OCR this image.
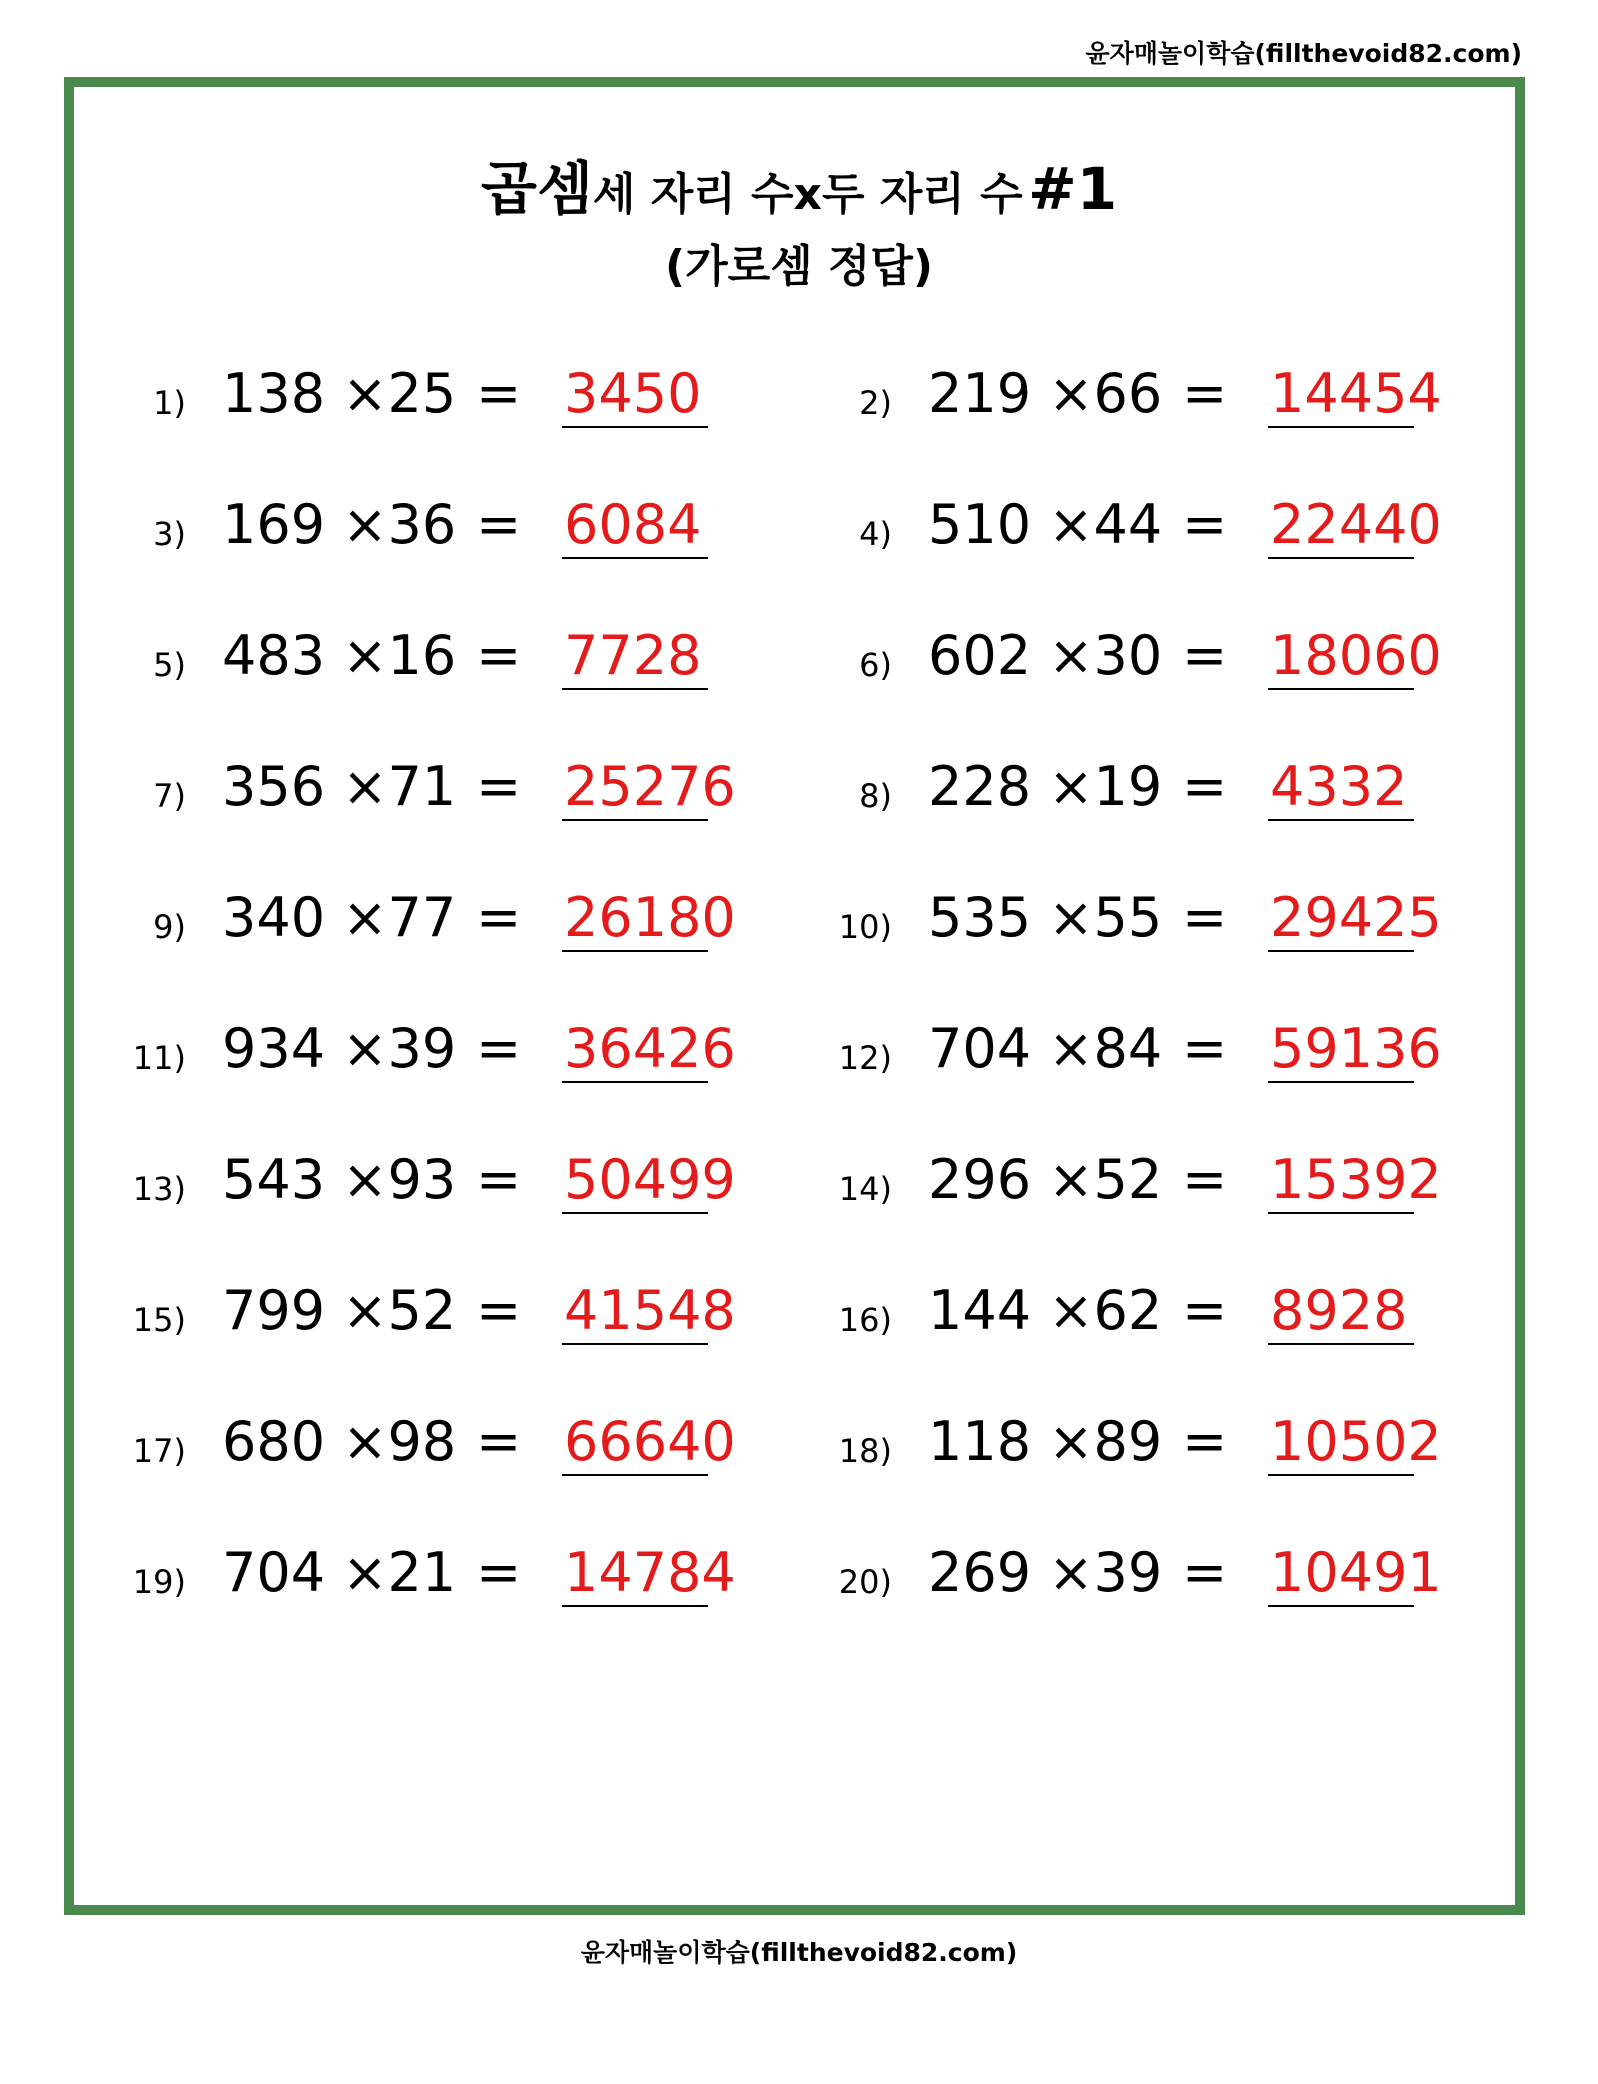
윤자매놀이학습(fillthevoid82.com)
곱셈세 자리 수x두 자리 수 #1
(가로셈 정답)
1) 138 ×25 = 3450	2) 219 ×66 = 14454
3) 169 ×36 = 6084	4) 510 ×44 = 22440
5) 483 ×16 = 7728	6) 602 ×30 = 18060
7) 356 ×71 = 25276	8) 228 ×19 = 4332
9) 340 ×77 = 26180	10) 535 ×55 = 29425
11) 934 ×39 = 36426	12) 704 ×84 = 59136
13) 543 ×93 = 50499	14) 296 ×52 = 15392
15) 799 ×52 = 41548	16) 144 ×62 = 8928
17) 680 ×98 = 66640	18) 118 ×89 = 10502
19) 704 ×21 = 14784	20) 269 ×39 = 10491
윤자매놀이학습(fillthevoid82.com)
